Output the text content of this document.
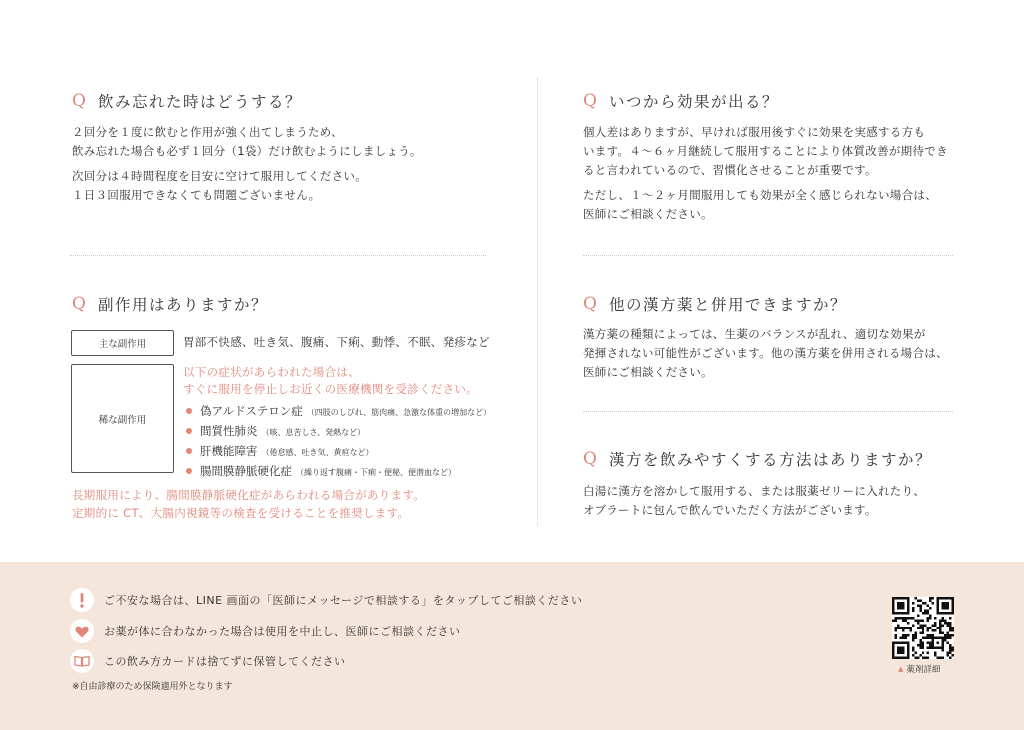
Q 飲み忘れた時はどうする？

２回分を１度に飲むと作用が強く出てしまうため、

飲み忘れた場合も必ず１回分（1袋）だけ飲むようにしましょう。

次回分は４時間程度を目安に空けて服用してください。

１日３回服用できなくても問題ございません。

Q いつから効果が出る？

個人差はありますが、早ければ服用後すぐに効果を実感する方も

います。４〜６ヶ月継続して服用することにより体質改善が期待でき

ると言われているので、習慣化させることが重要です。

ただし、１〜２ヶ月間服用しても効果が全く感じられない場合は、

医師にご相談ください。

Q 副作用はありますか？
主な副作用	胃部不快感、吐き気、腹痛、下痢、動悸、不眠、発疹など
稀な副作用

以下の症状があらわれた場合は、

すぐに服用を停止しお近くの医療機関を受診ください。

偽アルドステロン症 （四肢のしびれ、筋肉痛、急激な体重の増加など）
間質性肺炎 （咳、息苦しさ、発熱など）
肝機能障害 （倦怠感、吐き気、黄疸など）
腸間膜静脈硬化症 （繰り返す腹痛・下痢・便秘、便潜血など）

長期服用により、腸間膜静脈硬化症があらわれる場合があります。

定期的に CT、大腸内視鏡等の検査を受けることを推奨します。

Q 他の漢方薬と併用できますか？

漢方薬の種類によっては、生薬のバランスが乱れ、適切な効果が

発揮されない可能性がございます。他の漢方薬を併用される場合は、

医師にご相談ください。

Q 漢方を飲みやすくする方法はありますか？

白湯に漢方を溶かして服用する、または服薬ゼリーに入れたり、

オブラートに包んで飲んでいただく方法がございます。

ご不安な場合は、LINE 画面の「医師にメッセージで相談する」をタップしてご相談ください
お薬が体に合わなかった場合は使用を中止し、医師にご相談ください
この飲み方カードは捨てずに保管してください
※自由診療のため保険適用外となります
▲ 薬剤詳細
